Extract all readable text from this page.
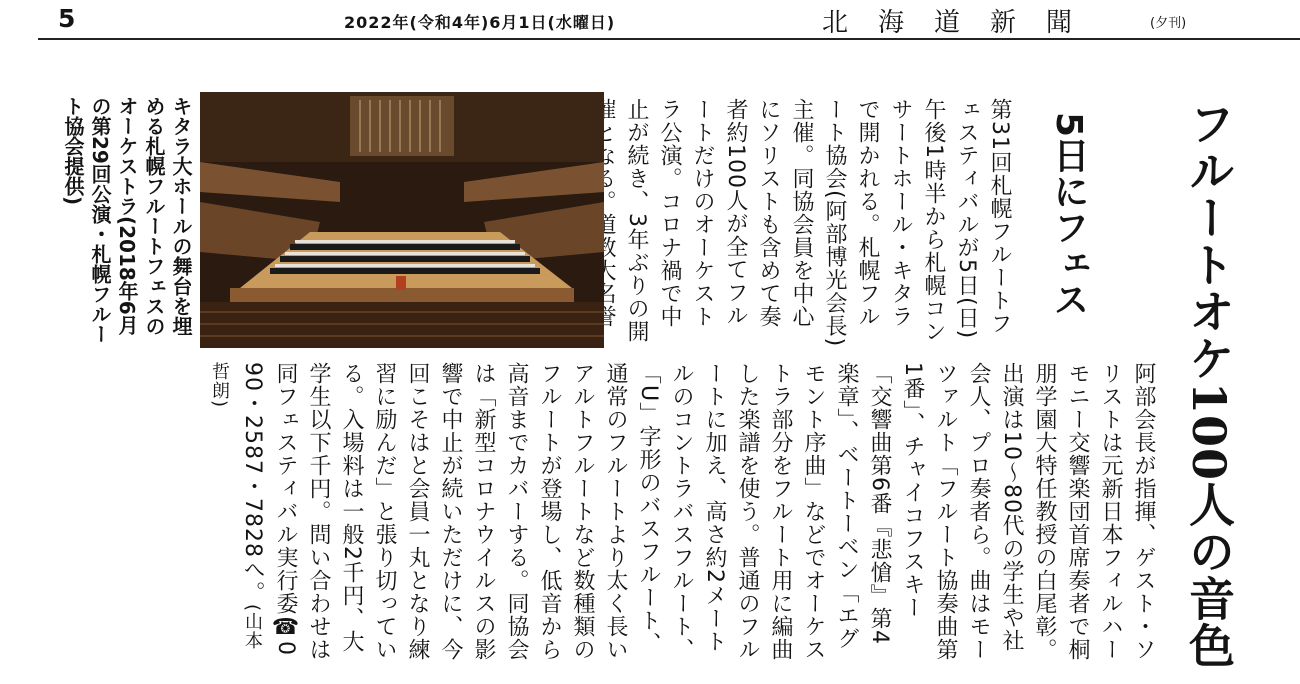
5	2022年(令和4年)6月1日(水曜日)	北海道新聞	(夕刊)
フルートオケ100人の音色
5日にフェス
第31回札幌フルートフェスティバルが5日(日)午後1時半から札幌コンサートホール・キタラで開かれる。札幌フルート協会(阿部博光会長)主催。同協会員を中心にソリストも含めて奏者約100人が全てフルートだけのオーケストラ公演。コロナ禍で中止が続き、3年ぶりの開
阿部会長が指揮、ゲスト・ソリストは元新日本フィルハーモニー交響楽団首席奏者で桐朋学園大特任教授の白尾彰。出演は10～80代の学生や社会人、プロ奏者ら。曲はモーツァルト「フルート協奏曲第1番」、チャイコフスキー「交響曲第6番『悲愴』第4楽章」、ベートーベン「エグモント序曲」などでオーケストラ部分をフルート用に編曲した楽譜を使う。普通のフルートに加え、高さ約2メートルのコントラバスフルート、「U」字形のバスフルート、通常のフルートより太く長いアルトフルートなど数種類のフルートが登場し、低音から高音までカバーする。同協会は「新型コロナウイルスの影響で中止が続いただけに、今回こそはと会員一丸となり練習に励んだ」と張り切っている。入場料は一般2千円、大学生以下千円。問い合わせは同フェスティバル実行委☎090・2587・7828へ。(山本哲朗)
キタラ大ホールの舞台を埋める札幌フルートフェスのオーケストラ(2018年6月の第29回公演・札幌フルート協会提供)
